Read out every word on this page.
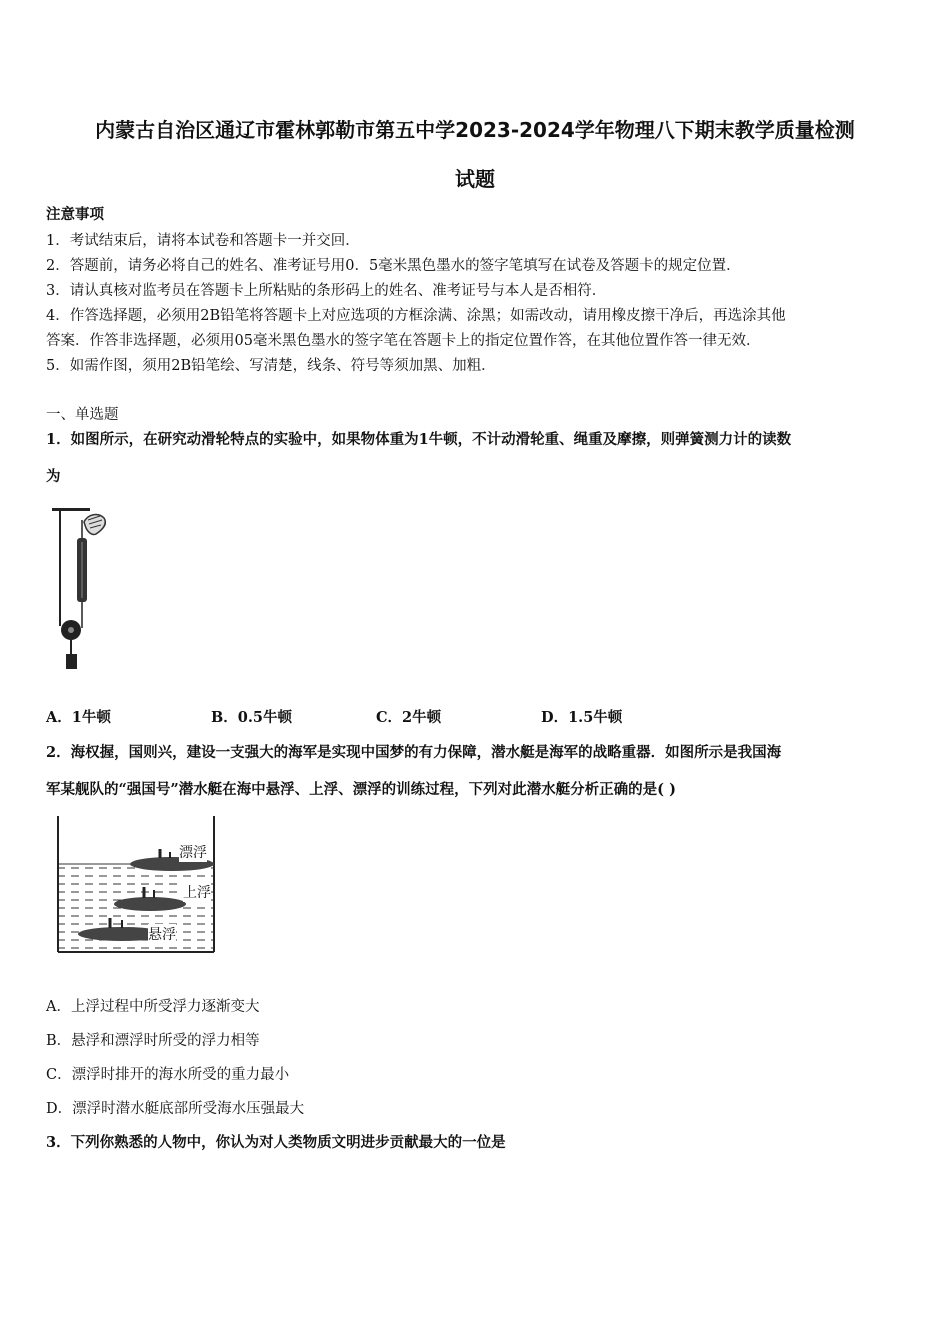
内蒙古自治区通辽市霍林郭勒市第五中学2023-2024学年物理八下期末教学质量检测
试题
注意事项
1．考试结束后，请将本试卷和答题卡一并交回．
2．答题前，请务必将自己的姓名、准考证号用0．5毫米黑色墨水的签字笔填写在试卷及答题卡的规定位置．
3．请认真核对监考员在答题卡上所粘贴的条形码上的姓名、准考证号与本人是否相符．
4．作答选择题，必须用2B铅笔将答题卡上对应选项的方框涂满、涂黑；如需改动，请用橡皮擦干净后，再选涂其他
答案．作答非选择题，必须用05毫米黑色墨水的签字笔在答题卡上的指定位置作答，在其他位置作答一律无效．
5．如需作图，须用2B铅笔绘、写清楚，线条、符号等须加黑、加粗．
一、单选题
1．如图所示，在研究动滑轮特点的实验中，如果物体重为1牛顿，不计动滑轮重、绳重及摩擦，则弹簧测力计的读数
为
A．1牛顿	B．0.5牛顿	C．2牛顿	D．1.5牛顿
2．海权握，国则兴，建设一支强大的海军是实现中国梦的有力保障，潜水艇是海军的战略重器．如图所示是我国海
军某舰队的“强国号”潜水艇在海中悬浮、上浮、漂浮的训练过程，下列对此潜水艇分析正确的是( )
漂浮
上浮
悬浮
A．上浮过程中所受浮力逐渐变大
B．悬浮和漂浮时所受的浮力相等
C．漂浮时排开的海水所受的重力最小
D．漂浮时潜水艇底部所受海水压强最大
3．下列你熟悉的人物中，你认为对人类物质文明进步贡献最大的一位是
